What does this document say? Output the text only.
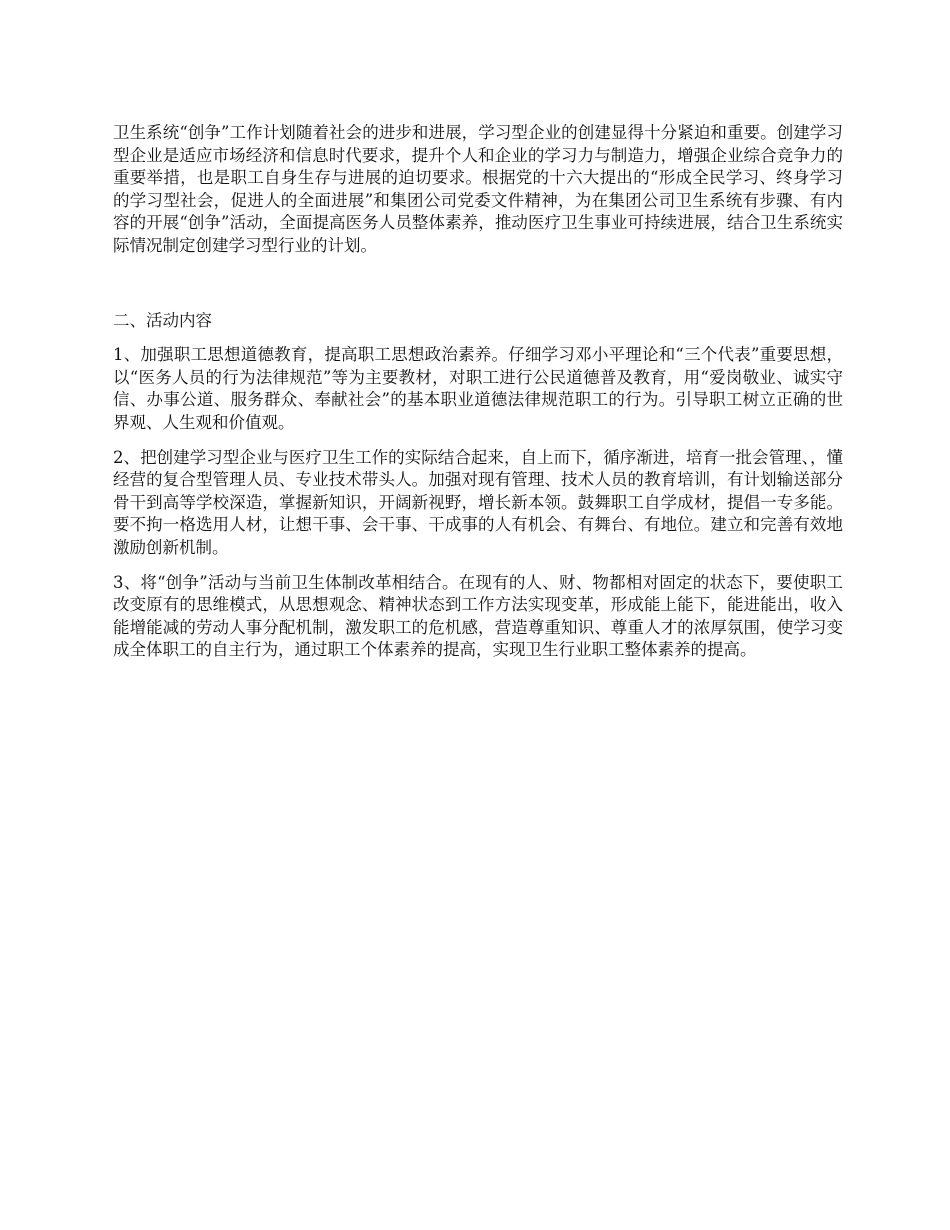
卫生系统“创争”工作计划随着社会的进步和进展，学习型企业的创建显得十分紧迫和重要。创建学习型企业是适应市场经济和信息时代要求，提升个人和企业的学习力与制造力，增强企业综合竞争力的重要举措，也是职工自身生存与进展的迫切要求。根据党的十六大提出的“形成全民学习、终身学习的学习型社会，促进人的全面进展”和集团公司党委文件精神，为在集团公司卫生系统有步骤、有内容的开展“创争”活动，全面提高医务人员整体素养，推动医疗卫生事业可持续进展，结合卫生系统实际情况制定创建学习型行业的计划。

二、活动内容

1、加强职工思想道德教育，提高职工思想政治素养。仔细学习邓小平理论和“三个代表”重要思想，以“医务人员的行为法律规范”等为主要教材，对职工进行公民道德普及教育，用“爱岗敬业、诚实守信、办事公道、服务群众、奉献社会”的基本职业道德法律规范职工的行为。引导职工树立正确的世界观、人生观和价值观。

2、把创建学习型企业与医疗卫生工作的实际结合起来，自上而下，循序渐进，培育一批会管理、，懂经营的复合型管理人员、专业技术带头人。加强对现有管理、技术人员的教育培训，有计划输送部分骨干到高等学校深造，掌握新知识，开阔新视野，增长新本领。鼓舞职工自学成材，提倡一专多能。要不拘一格选用人材，让想干事、会干事、干成事的人有机会、有舞台、有地位。建立和完善有效地激励创新机制。

3、将“创争”活动与当前卫生体制改革相结合。在现有的人、财、物都相对固定的状态下，要使职工改变原有的思维模式，从思想观念、精神状态到工作方法实现变革，形成能上能下，能进能出，收入能增能减的劳动人事分配机制，激发职工的危机感，营造尊重知识、尊重人才的浓厚氛围，使学习变成全体职工的自主行为，通过职工个体素养的提高，实现卫生行业职工整体素养的提高。
